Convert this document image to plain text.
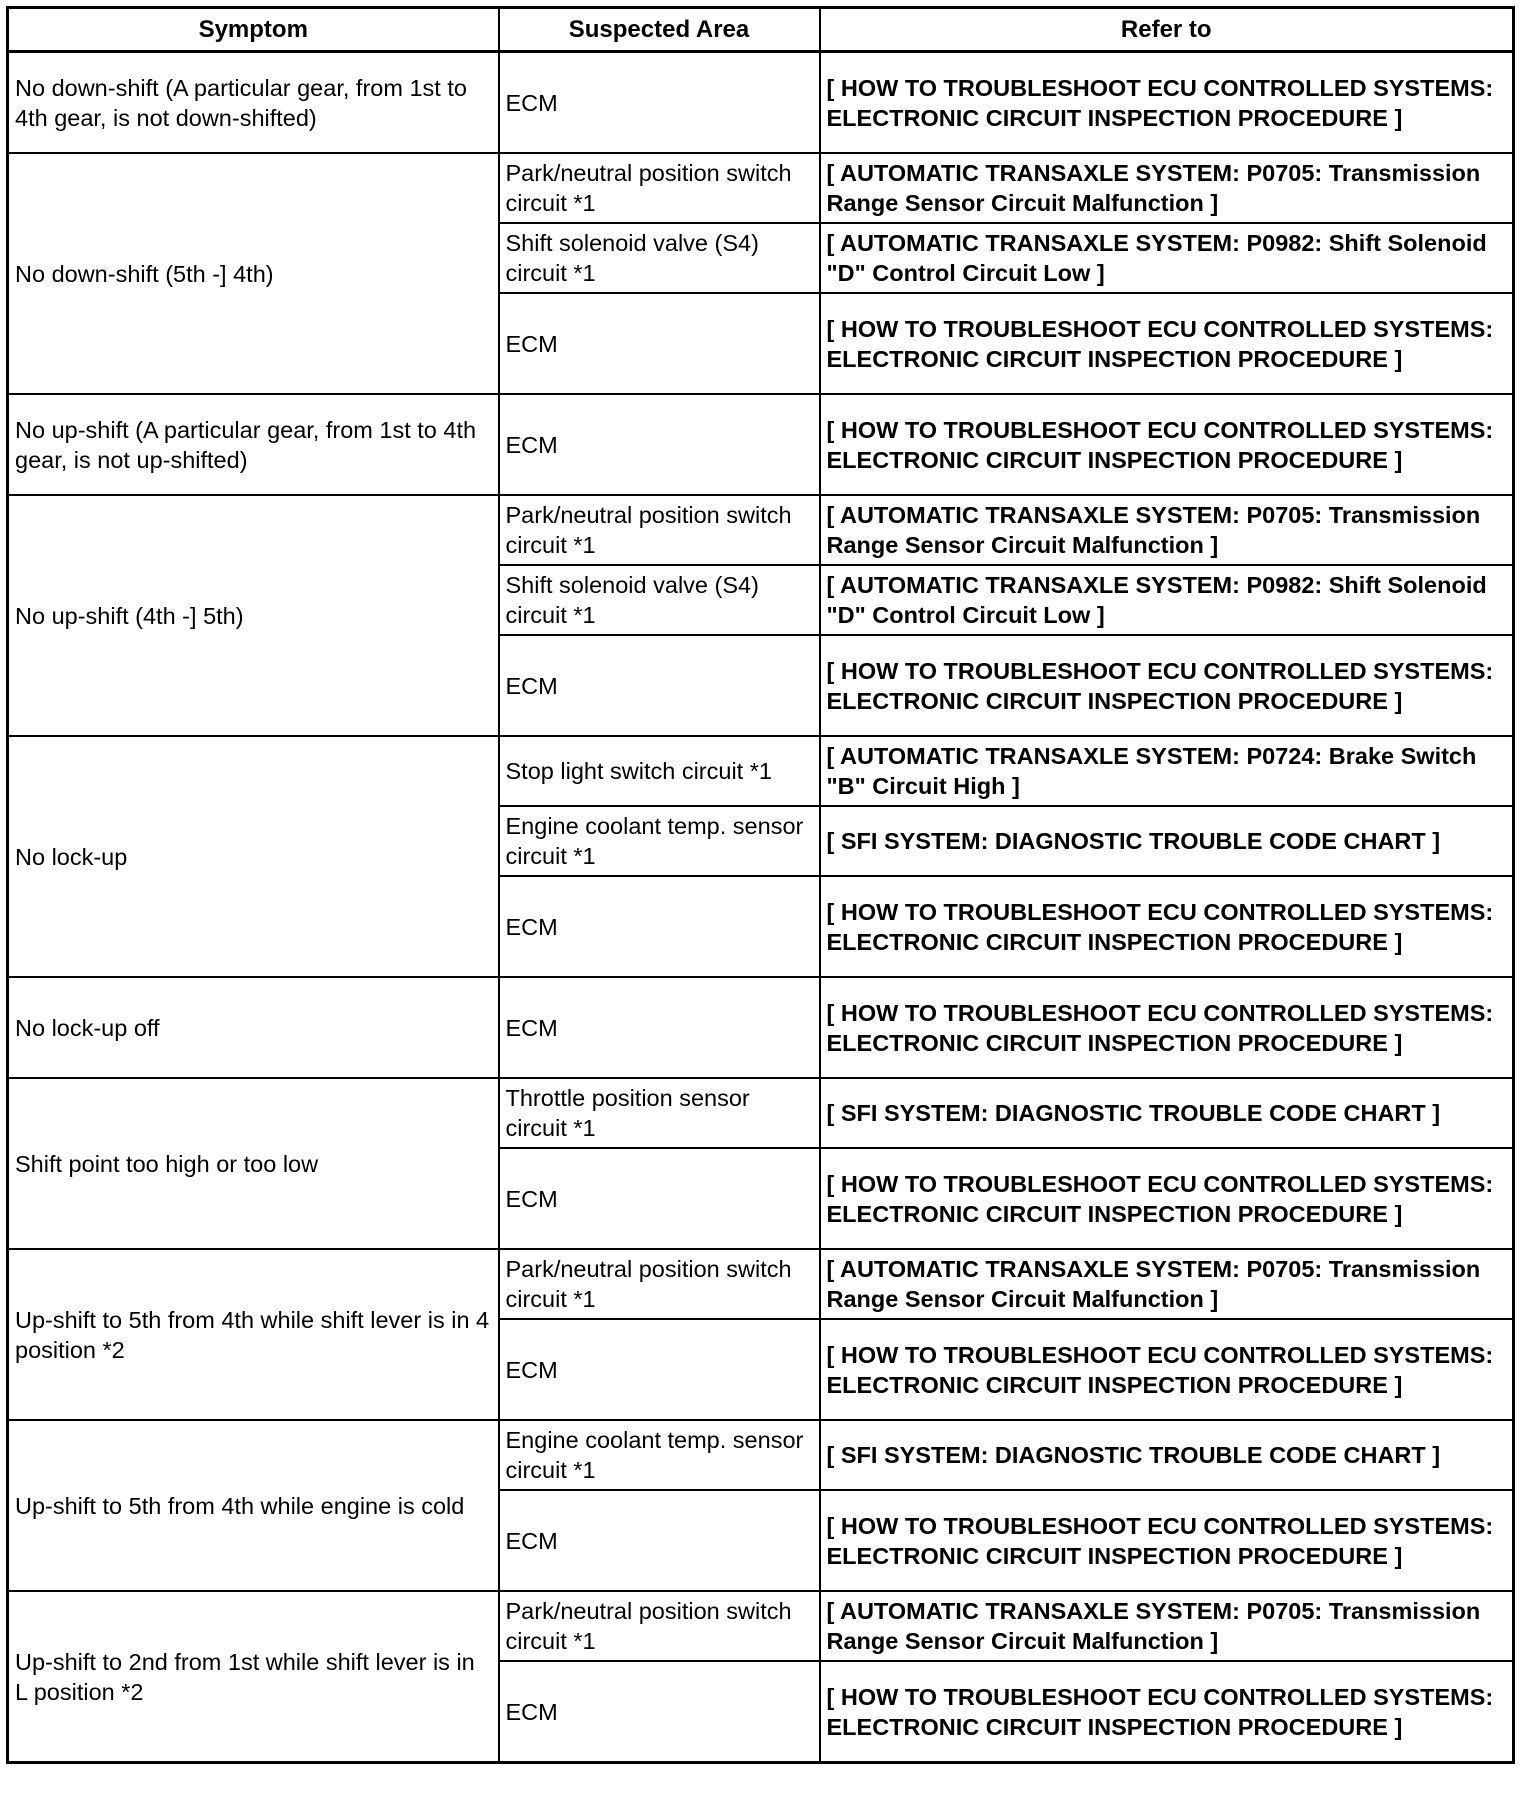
Symptom	Suspected Area	Refer to
No down-shift (A particular gear, from 1st to 4th gear, is not down-shifted)	ECM	[ HOW TO TROUBLESHOOT ECU CONTROLLED SYSTEMS: ELECTRONIC CIRCUIT INSPECTION PROCEDURE ]
No down-shift (5th -] 4th)	Park/neutral position switch circuit *1	[ AUTOMATIC TRANSAXLE SYSTEM: P0705: Transmission Range Sensor Circuit Malfunction ]
	Shift solenoid valve (S4) circuit *1	[ AUTOMATIC TRANSAXLE SYSTEM: P0982: Shift Solenoid "D" Control Circuit Low ]
	ECM	[ HOW TO TROUBLESHOOT ECU CONTROLLED SYSTEMS: ELECTRONIC CIRCUIT INSPECTION PROCEDURE ]
No up-shift (A particular gear, from 1st to 4th gear, is not up-shifted)	ECM	[ HOW TO TROUBLESHOOT ECU CONTROLLED SYSTEMS: ELECTRONIC CIRCUIT INSPECTION PROCEDURE ]
No up-shift (4th -] 5th)	Park/neutral position switch circuit *1	[ AUTOMATIC TRANSAXLE SYSTEM: P0705: Transmission Range Sensor Circuit Malfunction ]
	Shift solenoid valve (S4) circuit *1	[ AUTOMATIC TRANSAXLE SYSTEM: P0982: Shift Solenoid "D" Control Circuit Low ]
	ECM	[ HOW TO TROUBLESHOOT ECU CONTROLLED SYSTEMS: ELECTRONIC CIRCUIT INSPECTION PROCEDURE ]
No lock-up	Stop light switch circuit *1	[ AUTOMATIC TRANSAXLE SYSTEM: P0724: Brake Switch "B" Circuit High ]
	Engine coolant temp. sensor circuit *1	[ SFI SYSTEM: DIAGNOSTIC TROUBLE CODE CHART ]
	ECM	[ HOW TO TROUBLESHOOT ECU CONTROLLED SYSTEMS: ELECTRONIC CIRCUIT INSPECTION PROCEDURE ]
No lock-up off	ECM	[ HOW TO TROUBLESHOOT ECU CONTROLLED SYSTEMS: ELECTRONIC CIRCUIT INSPECTION PROCEDURE ]
Shift point too high or too low	Throttle position sensor circuit *1	[ SFI SYSTEM: DIAGNOSTIC TROUBLE CODE CHART ]
	ECM	[ HOW TO TROUBLESHOOT ECU CONTROLLED SYSTEMS: ELECTRONIC CIRCUIT INSPECTION PROCEDURE ]
Up-shift to 5th from 4th while shift lever is in 4 position *2	Park/neutral position switch circuit *1	[ AUTOMATIC TRANSAXLE SYSTEM: P0705: Transmission Range Sensor Circuit Malfunction ]
	ECM	[ HOW TO TROUBLESHOOT ECU CONTROLLED SYSTEMS: ELECTRONIC CIRCUIT INSPECTION PROCEDURE ]
Up-shift to 5th from 4th while engine is cold	Engine coolant temp. sensor circuit *1	[ SFI SYSTEM: DIAGNOSTIC TROUBLE CODE CHART ]
	ECM	[ HOW TO TROUBLESHOOT ECU CONTROLLED SYSTEMS: ELECTRONIC CIRCUIT INSPECTION PROCEDURE ]
Up-shift to 2nd from 1st while shift lever is in L position *2	Park/neutral position switch circuit *1	[ AUTOMATIC TRANSAXLE SYSTEM: P0705: Transmission Range Sensor Circuit Malfunction ]
	ECM	[ HOW TO TROUBLESHOOT ECU CONTROLLED SYSTEMS: ELECTRONIC CIRCUIT INSPECTION PROCEDURE ]
